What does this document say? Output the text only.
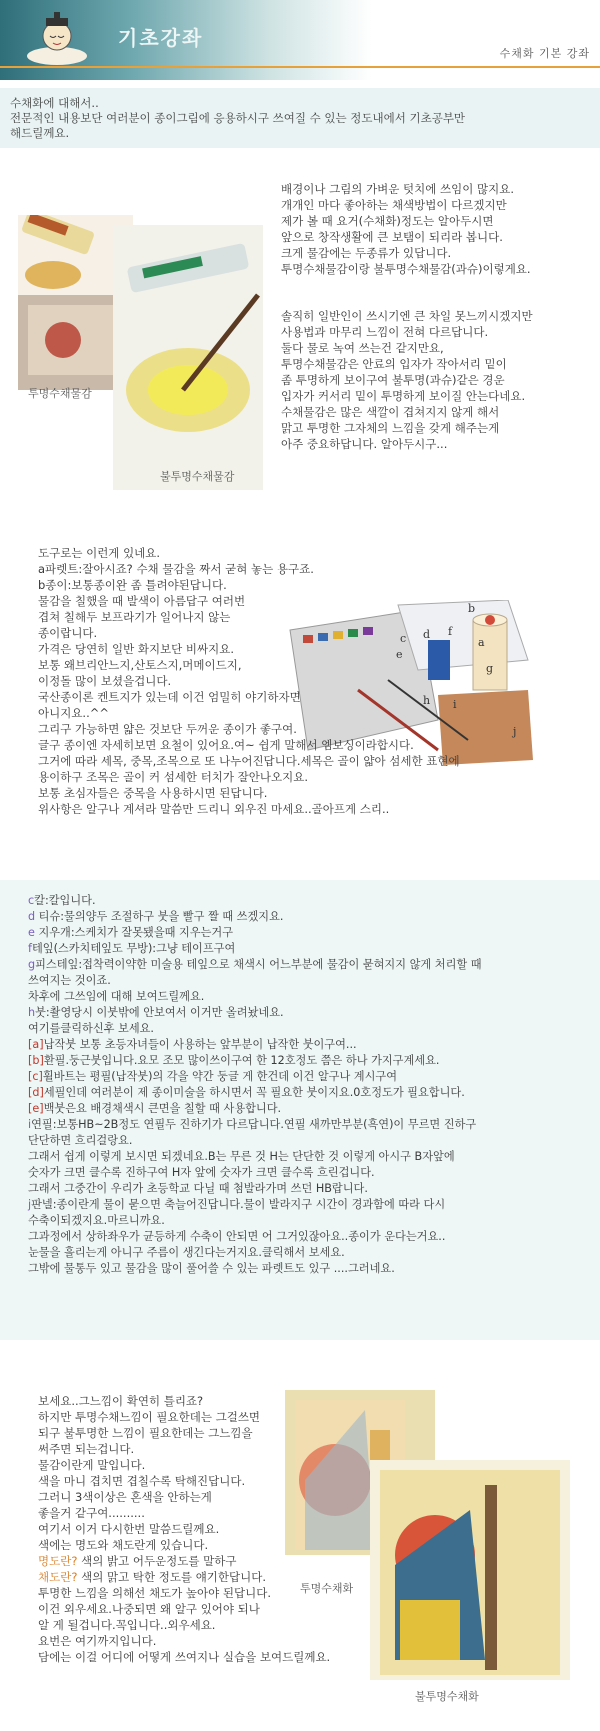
기초강좌
수채화 기본 강좌
수채화에 대해서..
전문적인 내용보단 여러분이 종이그림에 응용하시구 쓰여질 수 있는 정도내에서 기초공부만
해드릴께요.
투명수채물감
불투명수채물감
배경이나 그림의 가벼운 텃치에 쓰임이 많지요.
개개인 마다 좋아하는 채색방법이 다르겠지만
제가 볼 때 요거(수채화)정도는 알아두시면
앞으로 창작생활에 큰 보탬이 되리라 봅니다.
크게 물감에는 두종류가 있답니다.
투명수채물감이랑 불투명수채물감(과슈)이렇게요.
솔직히 일반인이 쓰시기엔 큰 차일 못느끼시겠지만
사용법과 마무리 느낌이 전혀 다르답니다.
둘다 물로 녹여 쓰는건 같지만요,
투명수채물감은 안료의 입자가 작아서리 밑이
좀 투명하게 보이구여 불투명(과슈)같은 경운
입자가 커서리 밑이 투명하게 보이질 안는다네요.
수채물감은 많은 색깔이 겹쳐지지 않게 해서
맑고 투명한 그자체의 느낌을 갖게 해주는게
아주 중요하답니다. 알아두시구...
a
b
c d
e
f
g
h i
j
도구로는 이런게 있네요.
a파렛트:잘아시죠? 수채 물감을 짜서 굳혀 놓는 용구죠.
b종이:보통종이완 좀 틀려야된답니다.
물감을 칠했을 때 발색이 아름답구 여러번
겹쳐 칠해두 보프라기가 일어나지 않는
종이랍니다.
가격은 당연히 일반 화지보단 비싸지요.
보통 왜브리안느지,산토스지,머메이드지,
이정돌 많이 보셨을겁니다.
국산종이론 켄트지가 있는데 이건 엄밀히 야기하자면
아니지요..^^
그리구 가능하면 얇은 것보단 두꺼운 종이가 좋구여.
글구 종이엔 자세히보면 요철이 있어요.여~ 쉽게 말해서 엠보싱이라합시다.
그거에 따라 세목, 중목,조목으로 또 나누어진답니다.세목은 골이 얇아 섬세한 표현에
용이하구 조목은 골이 커 섬세한 터치가 잘안나오지요.
보통 초심자들은 중목을 사용하시면 된답니다.
위사항은 알구나 계셔라 말씀만 드리니 외우진 마세요..골아프게 스리..
c칼:칼입니다.
d 티슈:물의양두 조절하구 붓을 빨구 짤 때 쓰겠지요.
e 지우개:스케치가 잘못됐을때 지우는거구
f테잎(스카치테잎도 무방):그냥 테이프구여
g피스테잎:접착력이약한 미술용 테잎으로 채색시 어느부분에 물감이 묻혀지지 않게 처리할 때
쓰여지는 것이죠.
차후에 그쓰임에 대해 보여드릴께요.
h붓:촬영당시 이붓밖에 안보여서 이거만 올려놨네요.
여기를클릭하신후 보세요.
[a]납작붓 보통 초등자녀들이 사용하는 앞부분이 납작한 붓이구여...
[b]환필.둥근붓입니다.요모 조모 많이쓰이구여 한 12호정도 쯤은 하나 가지구계세요.
[c]휠바트는 평필(납작붓)의 각을 약간 둥글 게 한건데 이건 알구나 계시구여
[d]세필인데 여러분이 제 종이미술을 하시면서 꼭 필요한 붓이지요.0호정도가 필요합니다.
[e]백붓은요 배경채색시 큰면을 칠할 때 사용합니다.
i연필:보통HB~2B정도 연필두 진하기가 다르답니다.연필 새까만부분(흑연)이 무르면 진하구
단단하면 흐리걸랑요.
그래서 쉽게 이렇게 보시면 되겠네요.B는 무른 것 H는 단단한 것 이렇게 아시구 B자앞에
숫자가 크면 클수록 진하구여 H자 앞에 숫자가 크면 클수록 흐린겁니다.
그래서 그중간이 우리가 초등학교 다닐 때 첨발라가며 쓰던 HB랍니다.
j판넬:종이란게 물이 묻으면 축늘어진답니다.물이 발라지구 시간이 경과함에 따라 다시
수축이되겠지요.마르니까요.
그과정에서 상하좌우가 균등하게 수축이 안되면 어 그거있잖아요..종이가 운다는거요..
눈물을 흘리는게 아니구 주름이 생긴다는거지요.클릭해서 보세요.
그밖에 물통두 있고 물감을 많이 풀어쓸 수 있는 파렛트도 있구 ....그러네요.
투명수채화
불투명수채화
보세요..그느낌이 확연히 틀리죠?
하지만 투명수채느낌이 필요한데는 그걸쓰면
되구 불투명한 느낌이 필요한데는 그느낌을
써주면 되는겁니다.
물감이란게 말입니다.
색을 마니 겹치면 겹칠수록 탁해진답니다.
그러니 3색이상은 혼색을 안하는게
좋을거 같구여..........
여기서 이거 다시한번 말씀드릴께요.
색에는 명도와 채도란게 있습니다.
명도란? 색의 밝고 어두운정도를 말하구
채도란? 색의 맑고 탁한 정도를 얘기한답니다.
투명한 느낌을 의해선 채도가 높아야 된답니다.
이건 외우세요.나중되면 왜 알구 있어야 되나
알 게 될겁니다.꼭입니다..외우세요.
요번은 여기까지입니다.
담에는 이걸 어디에 어떻게 쓰여지나 실습을 보여드릴께요.
